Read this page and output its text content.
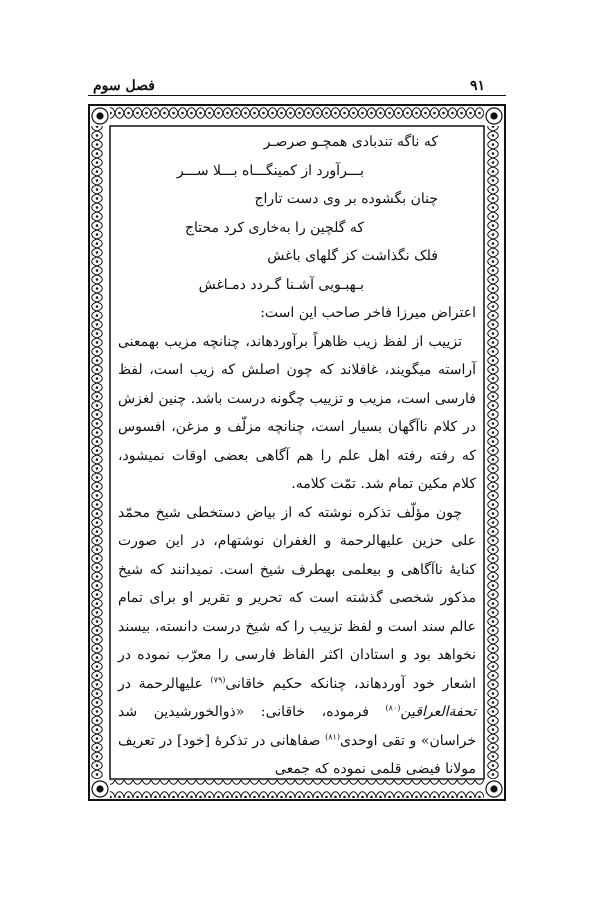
٩١
فصل سوم
که ناگه تندبادی همچـو صرصـر
بـــرآورد از کمینگـــاه بـــلا ســـر
چنان بگشوده بر وی دست تاراج
که گلچین را بەخاری کرد محتاج
فلک نگذاشت کز گلهای باغش
بـهبـویی آشـنا گـردد دمـاغش
اعتراض میرزا فاخر صاحب این است:
تزییب از لفظ زیب ظاهراً برآوردهاند، چنانچه مزیب بهمعنی آراسته میگویند، غافلاند که چون اصلش که زیب است، لفظ فارسی است، مزیب و تزییب چگونه درست باشد. چنین لغزش در کلام ناآگهان بسیار است، چنانچه مزلّف و مزغن، افسوس که رفته رفته اهل علم را هم آگاهی بعضی اوقات نمیشود، کلام مکین تمام شد. تمّت کلامه.
چون مؤلّف تذکره نوشته که از بیاض دستخطی شیخ محمّد علی حزین علیهالرحمة و الغفران نوشتهام، در این صورت کنایهٔ ناآگاهی و بیعلمی بهطرف شیخ است. نمیدانند که شیخ مذکور شخصی گذشته است که تحریر و تقریر او برای تمام عالم سند است و لفظ تزییب را که شیخ درست دانسته، بیسند نخواهد بود و استادان اکثر الفاظ فارسی را معرّب نموده در اشعار خود آوردهاند، چنانکه حکیم خاقانی$^{(٧٩)}$ علیهالرحمة در تحفةالعراقین$^{(٨٠)}$ فرموده، خاقانی: «ذوالخورشیدین شد خراسان» و تقی اوحدی$^{(٨١)}$ صفاهانی در تذکرهٔ [خود] در تعریف مولانا فیضی قلمی نموده که جمعی
